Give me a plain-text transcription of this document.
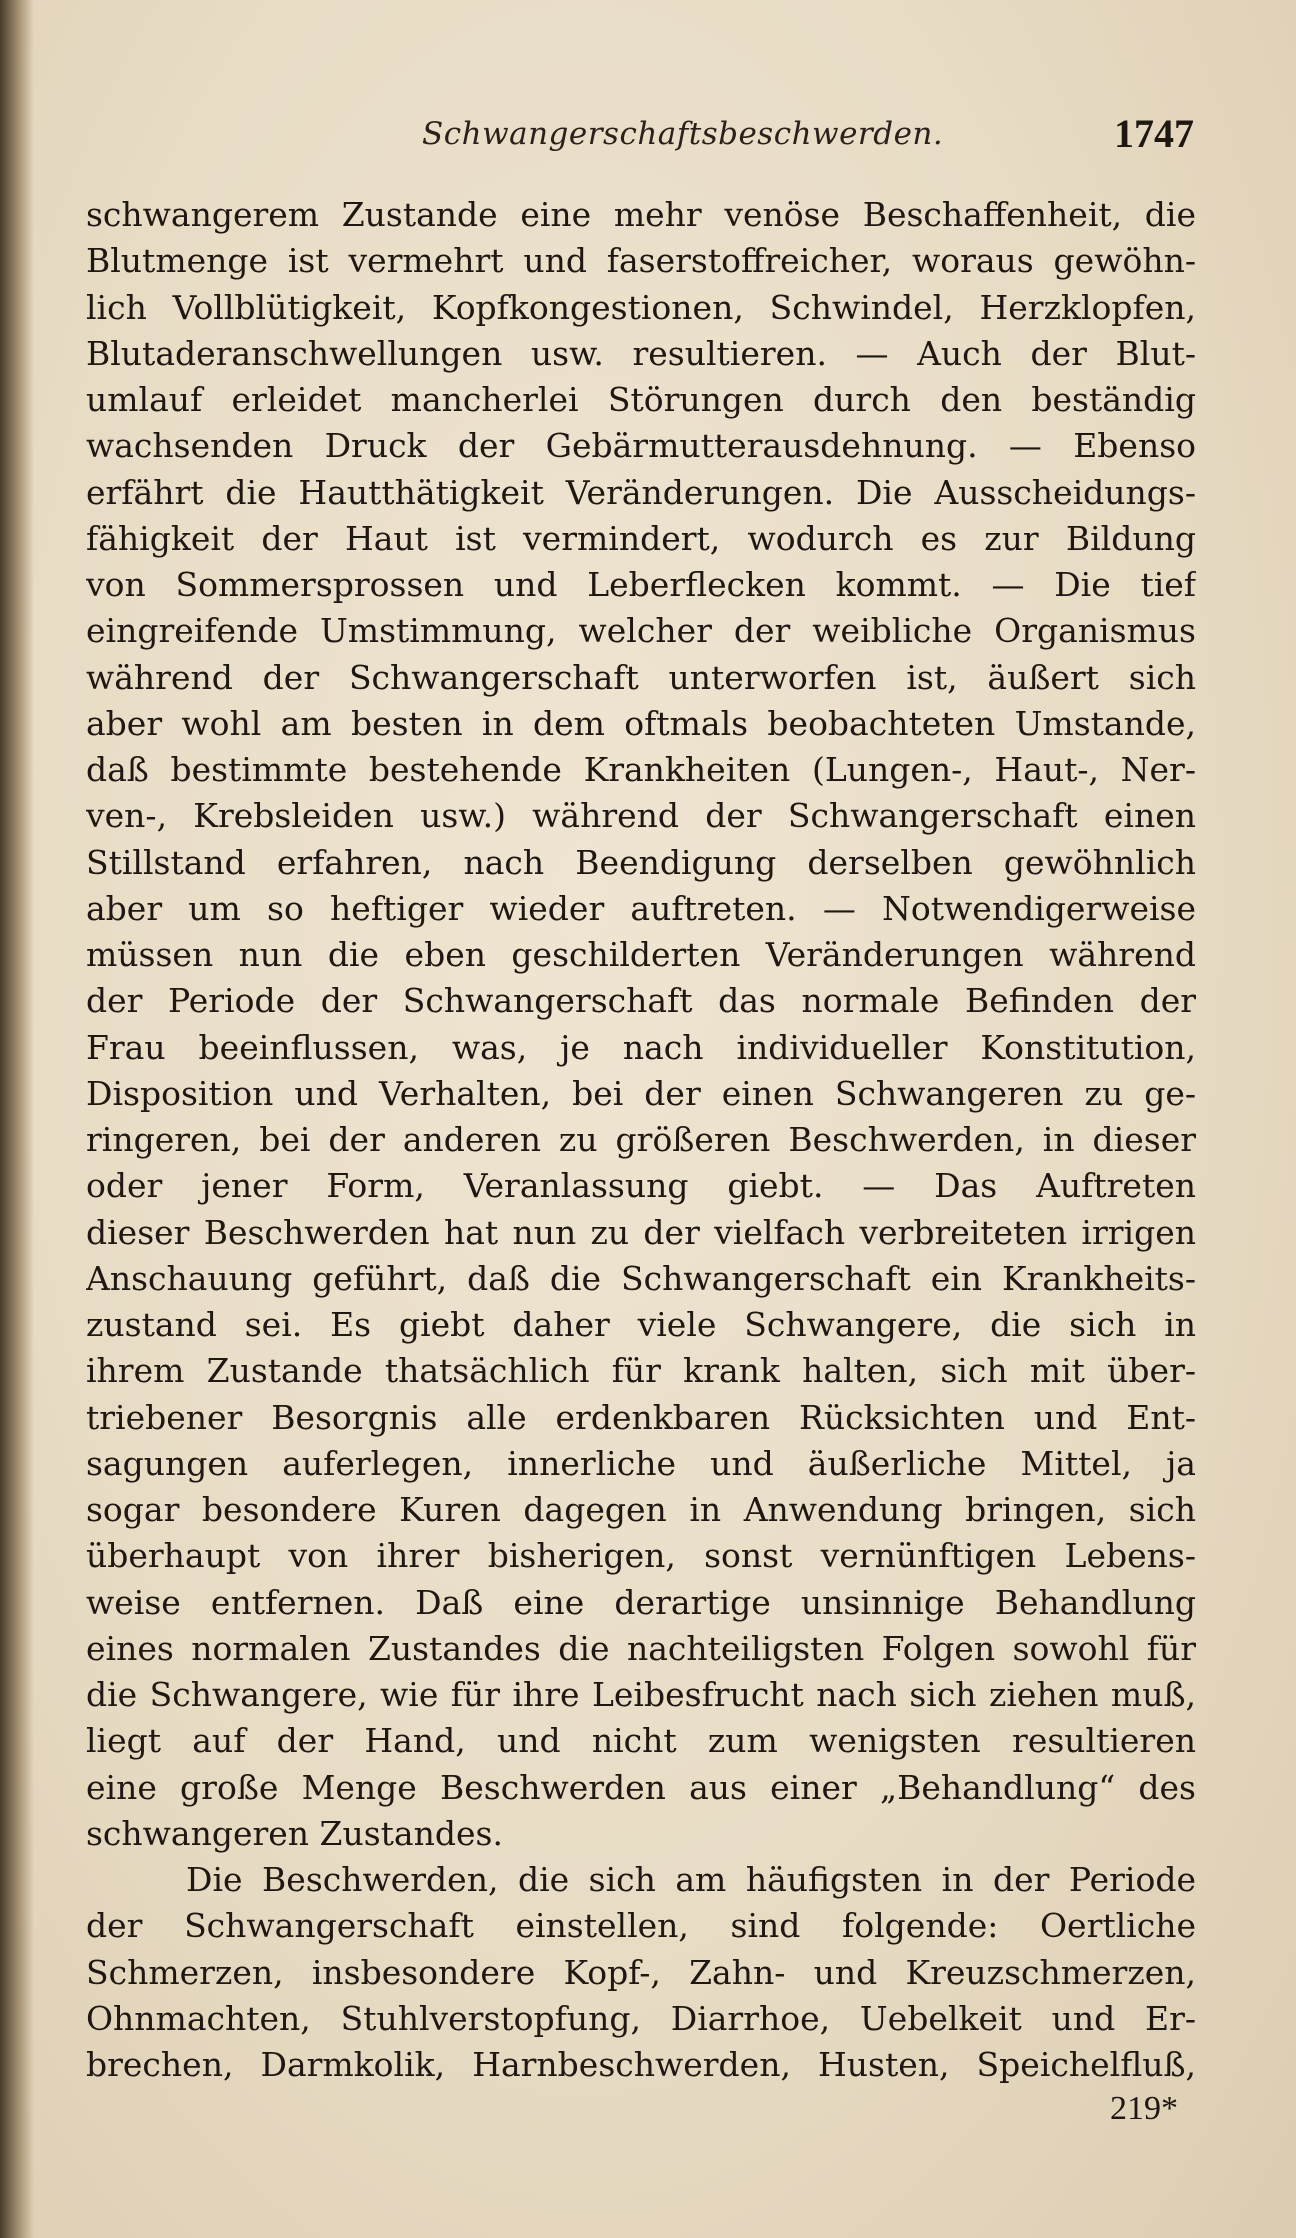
Schwangerschaftsbeschwerden.	1747
schwangerem Zustande eine mehr venöse Beschaffenheit, die
Blutmenge ist vermehrt und faserstoffreicher, woraus gewöhn-
lich Vollblütigkeit, Kopfkongestionen, Schwindel, Herzklopfen,
Blutaderanschwellungen usw. resultieren. — Auch der Blut-
umlauf erleidet mancherlei Störungen durch den beständig
wachsenden Druck der Gebärmutterausdehnung. — Ebenso
erfährt die Hautthätigkeit Veränderungen. Die Ausscheidungs-
fähigkeit der Haut ist vermindert, wodurch es zur Bildung
von Sommersprossen und Leberflecken kommt. — Die tief
eingreifende Umstimmung, welcher der weibliche Organismus
während der Schwangerschaft unterworfen ist, äußert sich
aber wohl am besten in dem oftmals beobachteten Umstande,
daß bestimmte bestehende Krankheiten (Lungen-, Haut-, Ner-
ven-, Krebsleiden usw.) während der Schwangerschaft einen
Stillstand erfahren, nach Beendigung derselben gewöhnlich
aber um so heftiger wieder auftreten. — Notwendigerweise
müssen nun die eben geschilderten Veränderungen während
der Periode der Schwangerschaft das normale Befinden der
Frau beeinflussen, was, je nach individueller Konstitution,
Disposition und Verhalten, bei der einen Schwangeren zu ge-
ringeren, bei der anderen zu größeren Beschwerden, in dieser
oder jener Form, Veranlassung giebt. — Das Auftreten
dieser Beschwerden hat nun zu der vielfach verbreiteten irrigen
Anschauung geführt, daß die Schwangerschaft ein Krankheits-
zustand sei. Es giebt daher viele Schwangere, die sich in
ihrem Zustande thatsächlich für krank halten, sich mit über-
triebener Besorgnis alle erdenkbaren Rücksichten und Ent-
sagungen auferlegen, innerliche und äußerliche Mittel, ja
sogar besondere Kuren dagegen in Anwendung bringen, sich
überhaupt von ihrer bisherigen, sonst vernünftigen Lebens-
weise entfernen. Daß eine derartige unsinnige Behandlung
eines normalen Zustandes die nachteiligsten Folgen sowohl für
die Schwangere, wie für ihre Leibesfrucht nach sich ziehen muß,
liegt auf der Hand, und nicht zum wenigsten resultieren
eine große Menge Beschwerden aus einer „Behandlung“ des
schwangeren Zustandes.
Die Beschwerden, die sich am häufigsten in der Periode
der Schwangerschaft einstellen, sind folgende: Oertliche
Schmerzen, insbesondere Kopf-, Zahn- und Kreuzschmerzen,
Ohnmachten, Stuhlverstopfung, Diarrhoe, Uebelkeit und Er-
brechen, Darmkolik, Harnbeschwerden, Husten, Speichelfluß,
219*
